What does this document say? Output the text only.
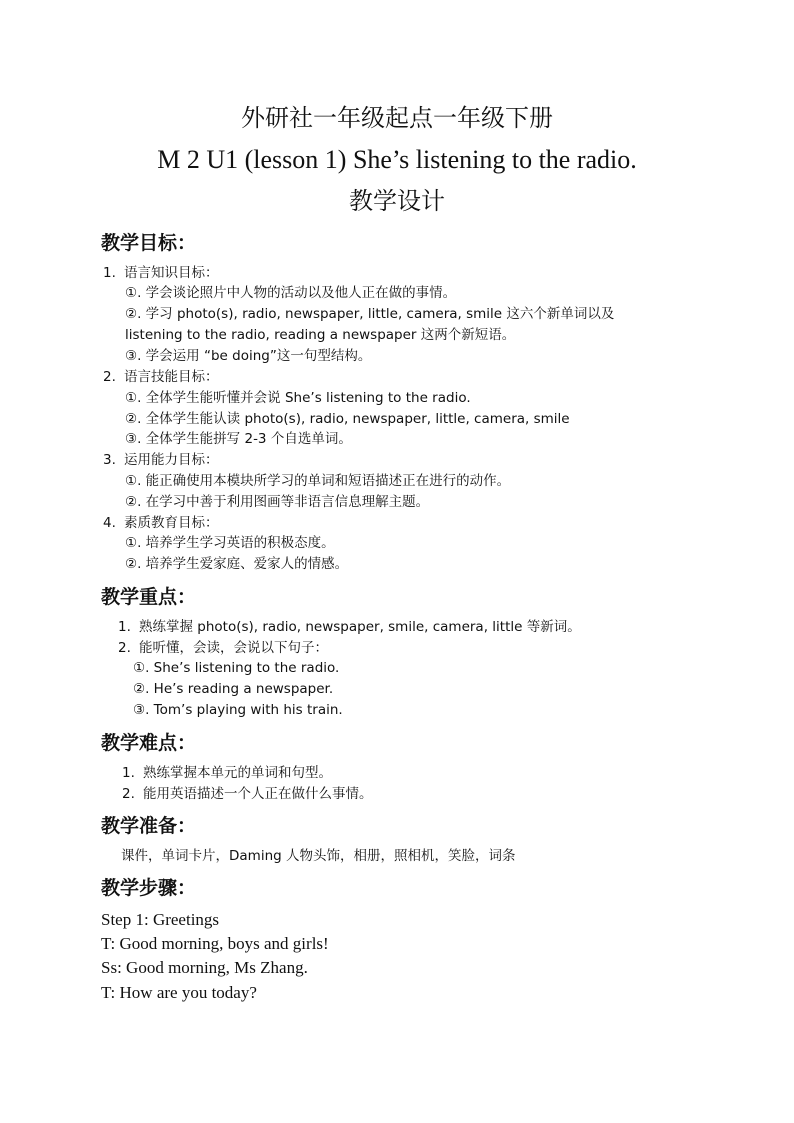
外研社一年级起点一年级下册
M 2 U1 (lesson 1) She’s listening to the radio.
教学设计
教学目标：
1. 语言知识目标：
①. 学会谈论照片中人物的活动以及他人正在做的事情。
②. 学习 photo(s), radio, newspaper, little, camera, smile 这六个新单词以及
listening to the radio, reading a newspaper 这两个新短语。
③. 学会运用 “be doing”这一句型结构。
2. 语言技能目标：
①. 全体学生能听懂并会说 She’s listening to the radio.
②. 全体学生能认读 photo(s), radio, newspaper, little, camera, smile
③. 全体学生能拼写 2-3 个自选单词。
3. 运用能力目标：
①. 能正确使用本模块所学习的单词和短语描述正在进行的动作。
②. 在学习中善于利用图画等非语言信息理解主题。
4. 素质教育目标：
①. 培养学生学习英语的积极态度。
②. 培养学生爱家庭、爱家人的情感。
教学重点：
1. 熟练掌握 photo(s), radio, newspaper, smile, camera, little 等新词。
2. 能听懂，会读，会说以下句子：
①. She’s listening to the radio.
②. He’s reading a newspaper.
③. Tom’s playing with his train.
教学难点：
1. 熟练掌握本单元的单词和句型。
2. 能用英语描述一个人正在做什么事情。
教学准备：
课件，单词卡片，Daming 人物头饰，相册，照相机，笑脸，词条
教学步骤：
Step 1: Greetings
T: Good morning, boys and girls!
Ss: Good morning, Ms Zhang.
T: How are you today?
